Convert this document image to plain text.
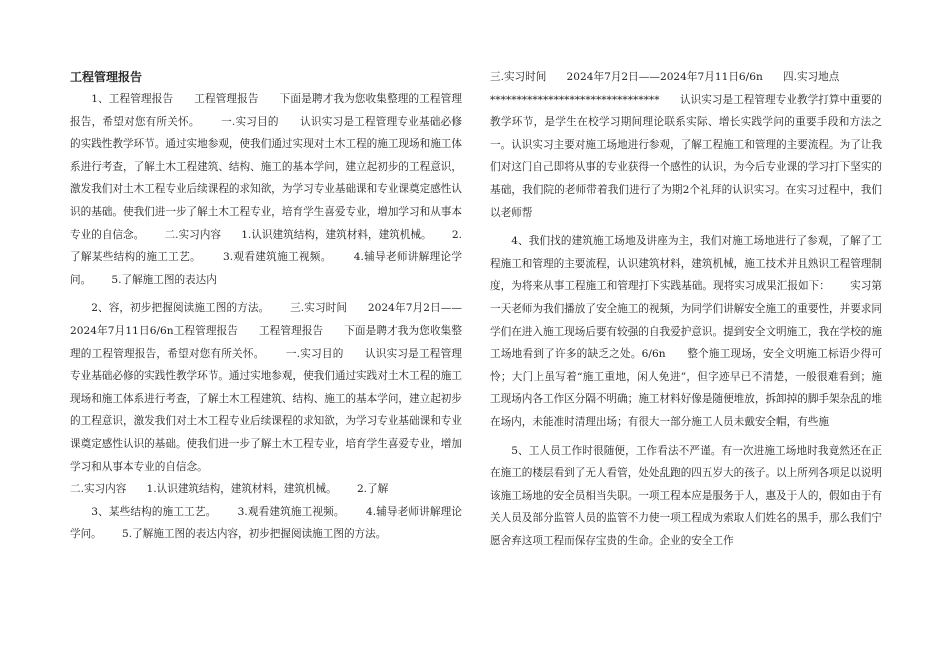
工程管理报告

1、工程管理报告      工程管理报告      下面是聘才我为您收集整理的工程管理报告，希望对您有所关怀。      一.实习目的      认识实习是工程管理专业基础必修的实践性教学环节。通过实地参观，使我们通过实现对土木工程的施工现场和施工体系进行考查，了解土木工程建筑、结构、施工的基本学问，建立起初步的工程意识，激发我们对土木工程专业后续课程的求知欲，为学习专业基础课和专业课奠定感性认识的基础。使我们进一步了解土木工程专业，培育学生喜爱专业，增加学习和从事本专业的自信念。      二.实习内容      1.认识建筑结构，建筑材料，建筑机械。      2.了解某些结构的施工工艺。      3.观看建筑施工视频。      4.辅导老师讲解理论学问。      5.了解施工图的表达内

2、容，初步把握阅读施工图的方法。      三.实习时间      2024年7月2日——2024年7月11日6/6n工程管理报告      工程管理报告      下面是聘才我为您收集整理的工程管理报告，希望对您有所关怀。      一.实习目的      认识实习是工程管理专业基础必修的实践性教学环节。通过实地参观，使我们通过实践对土木工程的施工现场和施工体系进行考查，了解土木工程建筑、结构、施工的基本学问，建立起初步的工程意识，激发我们对土木工程专业后续课程的求知欲，为学习专业基础课和专业课奠定感性认识的基础。使我们进一步了解土木工程专业，培育学生喜爱专业，增加学习和从事本专业的自信念。

二.实习内容      1.认识建筑结构，建筑材料，建筑机械。      2.了解

3、某些结构的施工工艺。      3.观看建筑施工视频。      4.辅导老师讲解理论学问。      5.了解施工图的表达内容，初步把握阅读施工图的方法。

三.实习时间      2024年7月2日——2024年7月11日6/6n      四.实习地点

********************************      认识实习是工程管理专业教学打算中重要的教学环节，是学生在校学习期间理论联系实际、增长实践学问的重要手段和方法之一。认识实习主要对施工场地进行参观，了解工程施工和管理的主要流程。为了让我们对这门自己即将从事的专业获得一个感性的认识，为今后专业课的学习打下坚实的基础，我们院的老师带着我们进行了为期2个礼拜的认识实习。在实习过程中，我们以老师帮

4、我们找的建筑施工场地及讲座为主，我们对施工场地进行了参观，了解了工程施工和管理的主要流程，认识建筑材料，建筑机械，施工技术并且熟识工程管理制度，为将来从事工程施工和管理打下实践基础。现将实习成果汇报如下：      实习第一天老师为我们播放了安全施工的视频，为同学们讲解安全施工的重要性，并要求同学们在进入施工现场后要有较强的自我爱护意识。提到安全文明施工，我在学校的施工场地看到了许多的缺乏之处。6/6n      整个施工现场，安全文明施工标语少得可怜；大门上虽写着“施工重地，闲人免进”，但字迹早已不清楚，一般很难看到；施工现场内各工作区分隔不明确；施工材料好像是随便堆放，拆卸掉的脚手架杂乱的堆在场内，未能准时清理出场；有很大一部分施工人员未戴安全帽，有些施

5、工人员工作时很随便，工作看法不严谨。有一次进施工场地时我竟然还在正在施工的楼层看到了无人看管，处处乱跑的四五岁大的孩子。以上所列各项足以说明该施工场地的安全员相当失职。一项工程本应是服务于人，惠及于人的，假如由于有关人员及部分监管人员的监管不力使一项工程成为索取人们姓名的黑手，那么我们宁愿舍弃这项工程而保存宝贵的生命。企业的安全工作
